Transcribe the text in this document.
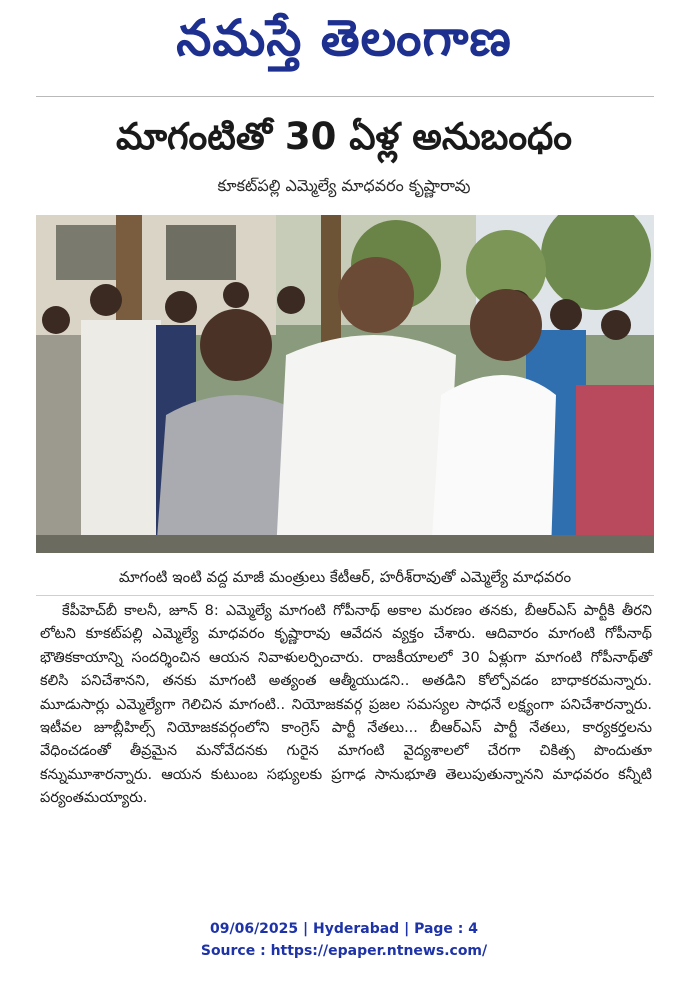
నమస్తే తెలంగాణ
మాగంటితో 30 ఏళ్ల అనుబంధం
కూకట్‌పల్లి ఎమ్మెల్యే మాధవరం కృష్ణారావు
మాగంటి ఇంటి వద్ద మాజీ మంత్రులు కేటీఆర్‌, హరీశ్‌రావుతో ఎమ్మెల్యే మాధవరం

కేపీహెచ్‌బీ కాలనీ, జూన్‌ 8: ఎమ్మెల్యే మాగంటి గోపీనాథ్‌ అకాల మరణం తనకు, బీఆర్‌ఎస్‌ పార్టీకి తీరని లోటని కూకట్‌పల్లి ఎమ్మెల్యే మాధవరం కృష్ణారావు ఆవేదన వ్యక్తం చేశారు. ఆదివారం మాగంటి గోపీనాథ్‌ భౌతికకాయాన్ని సందర్శించిన ఆయన నివాళులర్పించారు. రాజకీయాలలో 30 ఏళ్లుగా మాగంటి గోపీనాథ్‌తో కలిసి పనిచేశానని, తనకు మాగంటి అత్యంత ఆత్మీయుడని.. అతడిని కోల్పోవడం బాధాకరమన్నారు. మూడుసార్లు ఎమ్మెల్యేగా గెలిచిన మాగంటి.. నియోజకవర్గ ప్రజల సమస్యల సాధనే లక్ష్యంగా పనిచేశారన్నారు. ఇటీవల జూబ్లీహిల్స్‌ నియోజకవర్గంలోని కాంగ్రెస్‌ పార్టీ నేతలు... బీఆర్‌ఎస్‌ పార్టీ నేతలు, కార్యకర్తలను వేధించడంతో తీవ్రమైన మనోవేదనకు గురైన మాగంటి వైద్యశాలలో చేరగా చికిత్స పొందుతూ కన్నుమూశారన్నారు. ఆయన కుటుంబ సభ్యులకు ప్రగాఢ సానుభూతి తెలుపుతున్నానని మాధవరం కన్నీటి పర్యంతమయ్యారు.

09/06/2025 | Hyderabad | Page : 4
Source : https://epaper.ntnews.com/
